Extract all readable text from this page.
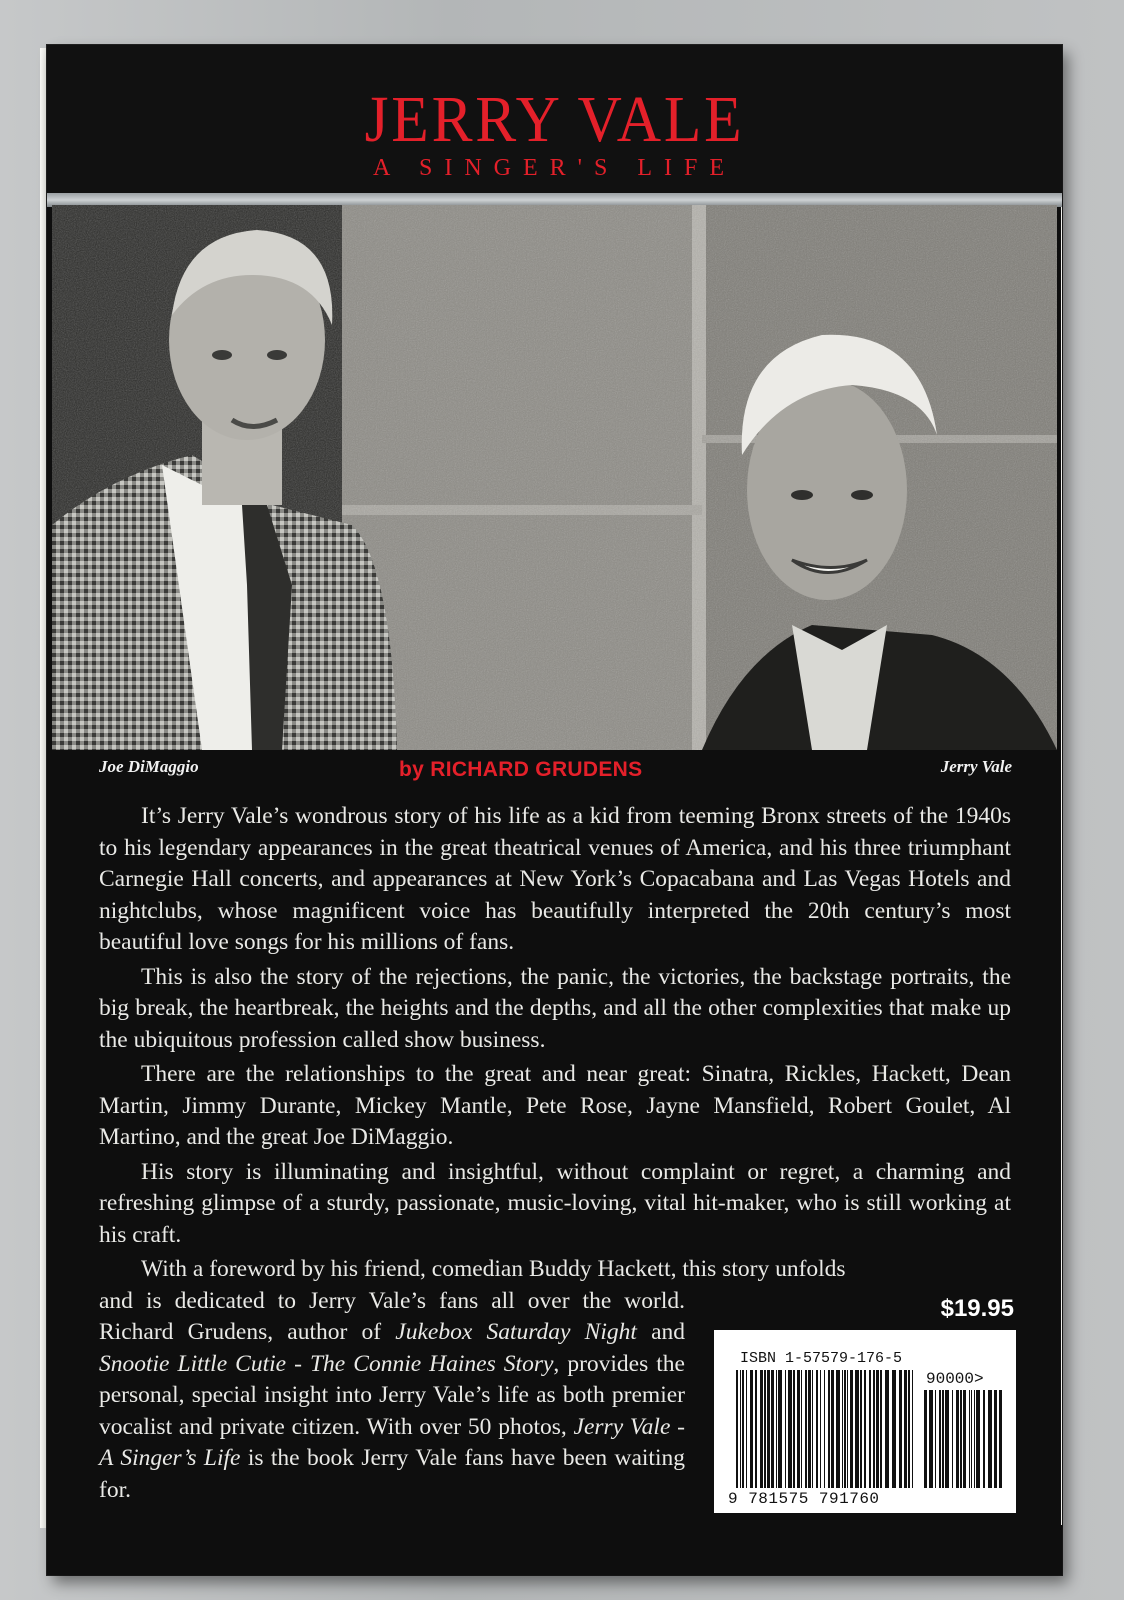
JERRY VALE
A SINGER'S LIFE
Joe DiMaggio	by RICHARD GRUDENS	Jerry Vale

It’s Jerry Vale’s wondrous story of his life as a kid from teeming Bronx streets of the 1940s to his legendary appearances in the great theatrical venues of America, and his three triumphant Carnegie Hall concerts, and appearances at New York’s Copacabana and Las Vegas Hotels and nightclubs, whose magnificent voice has beautifully interpreted the 20th century’s most beautiful love songs for his millions of fans.

This is also the story of the rejections, the panic, the victories, the backstage portraits, the big break, the heartbreak, the heights and the depths, and all the other complexities that make up the ubiquitous profession called show business.

There are the relationships to the great and near great: Sinatra, Rickles, Hackett, Dean Martin, Jimmy Durante, Mickey Mantle, Pete Rose, Jayne Mansfield, Robert Goulet, Al Martino, and the great Joe DiMaggio.

His story is illuminating and insightful, without complaint or regret, a charming and refreshing glimpse of a sturdy, passionate, music-loving, vital hit-maker, who is still working at his craft.

With a foreword by his friend, comedian Buddy Hackett, this story unfolds

and is dedicated to Jerry Vale’s fans all over the world. Richard Grudens, author of Jukebox Saturday Night and Snootie Little Cutie - The Connie Haines Story, provides the personal, special insight into Jerry Vale’s life as both premier vocalist and private citizen. With over 50 photos, Jerry Vale - A Singer’s Life is the book Jerry Vale fans have been waiting for.

$19.95
ISBN 1-57579-176-5
90000>
9 781575 791760
